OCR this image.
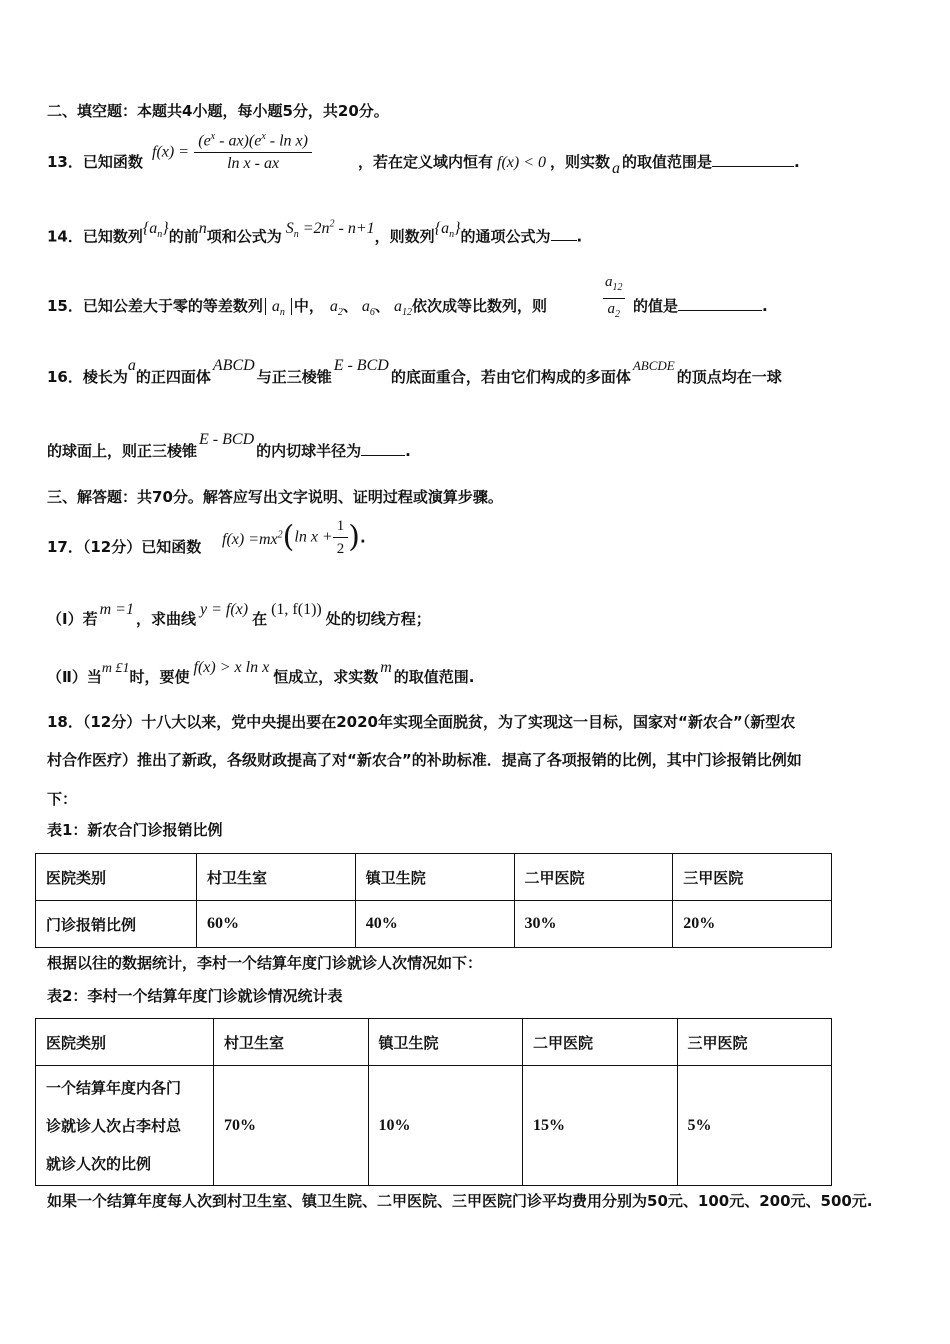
二、填空题：本题共4小题，每小题5分，共20分。
13．已知函数
$f(x) = \frac{(e^x - ax)(e^x - \ln x)}{\text{ln x - ax}}$	，若在定义域内恒有 f(x) < 0 ，则实数 a 的取值范围是	.
14．已知数列$\{a_n\}$的前n项和公式为 $S_n =2n^2 - n+1$，则数列$\{a_n\}$的通项公式为 .
15．已知公差大于零的等差数列 $a_n$ 中， $a_2$、 $a_6$、 $a_{12}$依次成等比数列，则	$\frac{a_{12}}{a_2}$ 的值是	.
16．棱长为a的正四面体ABCD与正三棱锥E - BCD的底面重合，若由它们构成的多面体ABCDE的顶点均在一球
的球面上，则正三棱锥E - BCD的内切球半径为	.
三、解答题：共70分。解答应写出文字说明、证明过程或演算步骤。
17．（12分）已知函数 $f(x) =mx^2(\ln$ $x + \frac{1}{2}$ ).
（Ⅰ）若m =1，求曲线y = f(x)在(1, f(1))处的切线方程；
（Ⅱ）当m £1时，要使f(x) > x ln x恒成立，求实数m的取值范围.
18．（12分）十八大以来，党中央提出要在2020年实现全面脱贫，为了实现这一目标，国家对“新农合”（新型农
村合作医疗）推出了新政，各级财政提高了对“新农合”的补助标准．提高了各项报销的比例，其中门诊报销比例如
下：
表1：新农合门诊报销比例
医院类别	村卫生室	镇卫生院	二甲医院	三甲医院
门诊报销比例	60%	40%	30%	20%
根据以往的数据统计，李村一个结算年度门诊就诊人次情况如下：
表2：李村一个结算年度门诊就诊情况统计表
医院类别	村卫生室	镇卫生院	二甲医院	三甲医院

一个结算年度内各门
诊就诊人次占李村总
就诊人次的比例	70%	10%	15%	5%
如果一个结算年度每人次到村卫生室、镇卫生院、二甲医院、三甲医院门诊平均费用分别为50元、100元、200元、500元.
